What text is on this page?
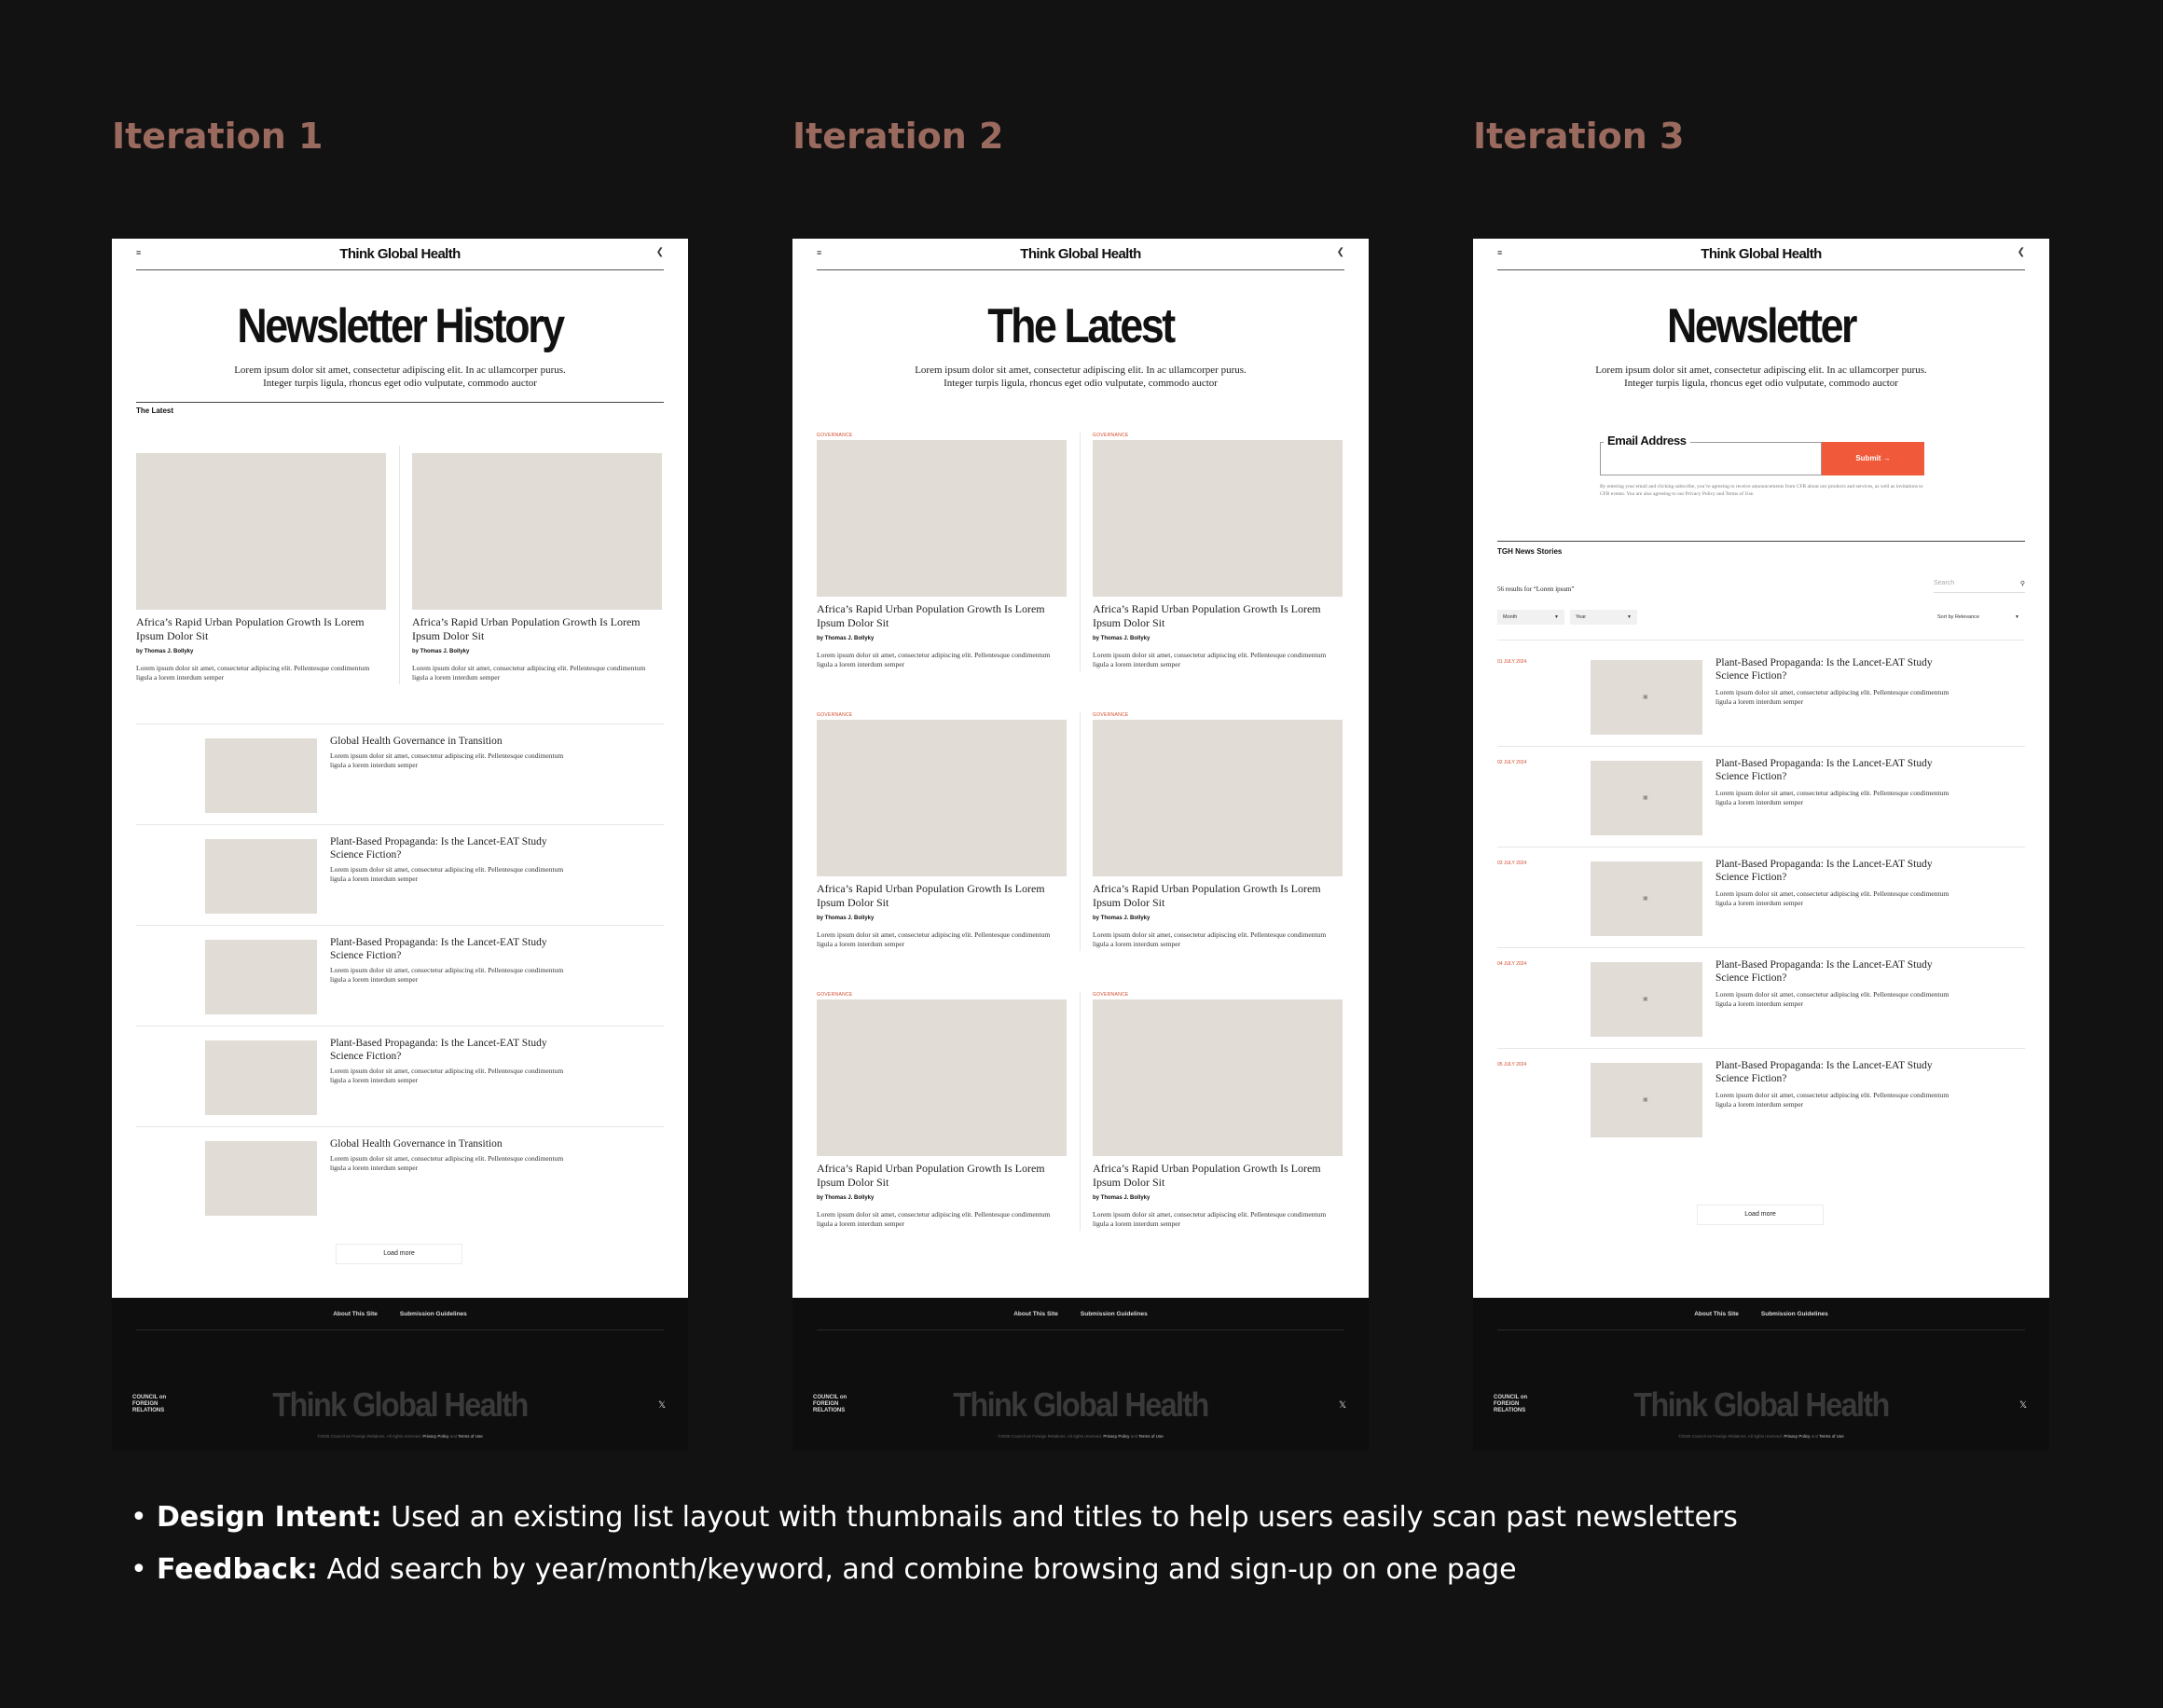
Iteration 1	Iteration 2	Iteration 3
≡	Think Global Health	❮
Newsletter History
Lorem ipsum dolor sit amet, consectetur adipiscing elit. In ac ullamcorper purus. Integer turpis ligula, rhoncus eget odio vulputate, commodo auctor
The Latest
Africa’s Rapid Urban Population Growth Is Lorem Ipsum Dolor Sit
by Thomas J. Bollyky
Lorem ipsum dolor sit amet, consectetur adipiscing elit. Pellentesque condimentum ligula a lorem interdum semper
Africa’s Rapid Urban Population Growth Is Lorem Ipsum Dolor Sit
by Thomas J. Bollyky
Lorem ipsum dolor sit amet, consectetur adipiscing elit. Pellentesque condimentum ligula a lorem interdum semper
Global Health Governance in Transition
Lorem ipsum dolor sit amet, consectetur adipiscing elit. Pellentesque condimentum ligula a lorem interdum semper
Plant-Based Propaganda: Is the Lancet-EAT Study Science Fiction?
Lorem ipsum dolor sit amet, consectetur adipiscing elit. Pellentesque condimentum ligula a lorem interdum semper
Plant-Based Propaganda: Is the Lancet-EAT Study Science Fiction?
Lorem ipsum dolor sit amet, consectetur adipiscing elit. Pellentesque condimentum ligula a lorem interdum semper
Plant-Based Propaganda: Is the Lancet-EAT Study Science Fiction?
Lorem ipsum dolor sit amet, consectetur adipiscing elit. Pellentesque condimentum ligula a lorem interdum semper
Global Health Governance in Transition
Lorem ipsum dolor sit amet, consectetur adipiscing elit. Pellentesque condimentum ligula a lorem interdum semper
Load more
About This Site	Submission Guidelines
COUNCIL on
FOREIGN
RELATIONS	Think Global Health	𝕏
©2025 Council on Foreign Relations. All rights reserved. Privacy Policy and Terms of Use
≡	Think Global Health	❮
The Latest
Lorem ipsum dolor sit amet, consectetur adipiscing elit. In ac ullamcorper purus. Integer turpis ligula, rhoncus eget odio vulputate, commodo auctor
GOVERNANCE
Africa’s Rapid Urban Population Growth Is Lorem Ipsum Dolor Sit
by Thomas J. Bollyky
Lorem ipsum dolor sit amet, consectetur adipiscing elit. Pellentesque condimentum ligula a lorem interdum semper
GOVERNANCE
Africa’s Rapid Urban Population Growth Is Lorem Ipsum Dolor Sit
by Thomas J. Bollyky
Lorem ipsum dolor sit amet, consectetur adipiscing elit. Pellentesque condimentum ligula a lorem interdum semper
GOVERNANCE
Africa’s Rapid Urban Population Growth Is Lorem Ipsum Dolor Sit
by Thomas J. Bollyky
Lorem ipsum dolor sit amet, consectetur adipiscing elit. Pellentesque condimentum ligula a lorem interdum semper
GOVERNANCE
Africa’s Rapid Urban Population Growth Is Lorem Ipsum Dolor Sit
by Thomas J. Bollyky
Lorem ipsum dolor sit amet, consectetur adipiscing elit. Pellentesque condimentum ligula a lorem interdum semper
GOVERNANCE
Africa’s Rapid Urban Population Growth Is Lorem Ipsum Dolor Sit
by Thomas J. Bollyky
Lorem ipsum dolor sit amet, consectetur adipiscing elit. Pellentesque condimentum ligula a lorem interdum semper
GOVERNANCE
Africa’s Rapid Urban Population Growth Is Lorem Ipsum Dolor Sit
by Thomas J. Bollyky
Lorem ipsum dolor sit amet, consectetur adipiscing elit. Pellentesque condimentum ligula a lorem interdum semper
About This Site	Submission Guidelines
COUNCIL on
FOREIGN
RELATIONS	Think Global Health	𝕏
©2025 Council on Foreign Relations. All rights reserved. Privacy Policy and Terms of Use
≡	Think Global Health	❮
Newsletter
Lorem ipsum dolor sit amet, consectetur adipiscing elit. In ac ullamcorper purus. Integer turpis ligula, rhoncus eget odio vulputate, commodo auctor
Email Address
Submit →
By entering your email and clicking subscribe, you’re agreeing to receive announcements from CFR about our products and services, as well as invitations to CFR events. You are also agreeing to our Privacy Policy and Terms of Use.
TGH News Stories
56 results for “Lorem ipsum”
Search	⚲
Month	▼	Year	▼	Sort by Relevance	▼
01 JULY 2024
▣
Plant-Based Propaganda: Is the Lancet-EAT Study Science Fiction?
Lorem ipsum dolor sit amet, consectetur adipiscing elit. Pellentesque condimentum ligula a lorem interdum semper
02 JULY 2024
▣
Plant-Based Propaganda: Is the Lancet-EAT Study Science Fiction?
Lorem ipsum dolor sit amet, consectetur adipiscing elit. Pellentesque condimentum ligula a lorem interdum semper
03 JULY 2024
▣
Plant-Based Propaganda: Is the Lancet-EAT Study Science Fiction?
Lorem ipsum dolor sit amet, consectetur adipiscing elit. Pellentesque condimentum ligula a lorem interdum semper
04 JULY 2024
▣
Plant-Based Propaganda: Is the Lancet-EAT Study Science Fiction?
Lorem ipsum dolor sit amet, consectetur adipiscing elit. Pellentesque condimentum ligula a lorem interdum semper
05 JULY 2024
▣
Plant-Based Propaganda: Is the Lancet-EAT Study Science Fiction?
Lorem ipsum dolor sit amet, consectetur adipiscing elit. Pellentesque condimentum ligula a lorem interdum semper
Load more
About This Site	Submission Guidelines
COUNCIL on
FOREIGN
RELATIONS	Think Global Health	𝕏
©2025 Council on Foreign Relations. All rights reserved. Privacy Policy and Terms of Use
• Design Intent: Used an existing list layout with thumbnails and titles to help users easily scan past newsletters
• Feedback: Add search by year/month/keyword, and combine browsing and sign-up on one page
